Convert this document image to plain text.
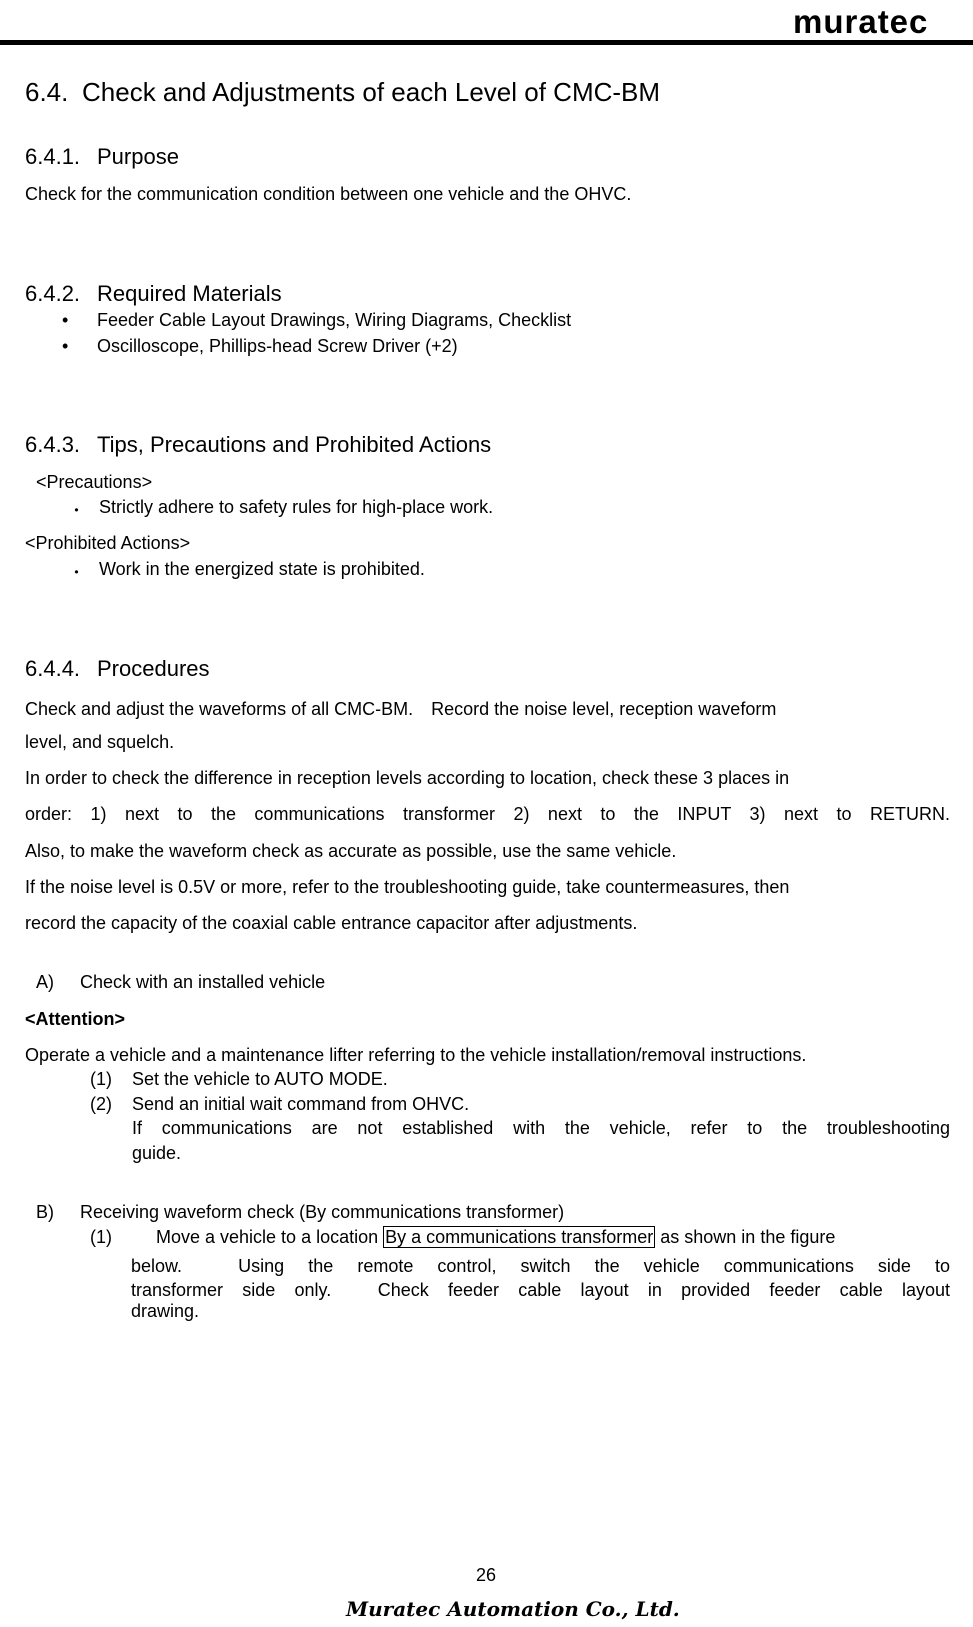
muratec
6.4. Check and Adjustments of each Level of CMC-BM
6.4.1. Purpose
Check for the communication condition between one vehicle and the OHVC.
6.4.2. Required Materials
• Feeder Cable Layout Drawings, Wiring Diagrams, Checklist
• Oscilloscope, Phillips-head Screw Driver (+2)
6.4.3. Tips, Precautions and Prohibited Actions
<Precautions>
･ Strictly adhere to safety rules for high-place work.
<Prohibited Actions>
･ Work in the energized state is prohibited.
6.4.4. Procedures
Check and adjust the waveforms of all CMC-BM.　Record the noise level, reception waveform
level, and squelch.
In order to check the difference in reception levels according to location, check these 3 places in
order: 1) next to the communications transformer 2) next to the INPUT 3) next to RETURN.
Also, to make the waveform check as accurate as possible, use the same vehicle.
If the noise level is 0.5V or more, refer to the troubleshooting guide, take countermeasures, then
record the capacity of the coaxial cable entrance capacitor after adjustments.
A) Check with an installed vehicle
<Attention>
Operate a vehicle and a maintenance lifter referring to the vehicle installation/removal instructions.
(1) Set the vehicle to AUTO MODE.
(2) Send an initial wait command from OHVC.
If communications are not established with the vehicle, refer to the troubleshooting
guide.
B) Receiving waveform check (By communications transformer)
(1) Move a vehicle to a location By a communications transformer as shown in the figure
below.　Using the remote control, switch the vehicle communications side to
transformer side only.　Check feeder cable layout in provided feeder cable layout
drawing.
26
Muratec Automation Co., Ltd.
